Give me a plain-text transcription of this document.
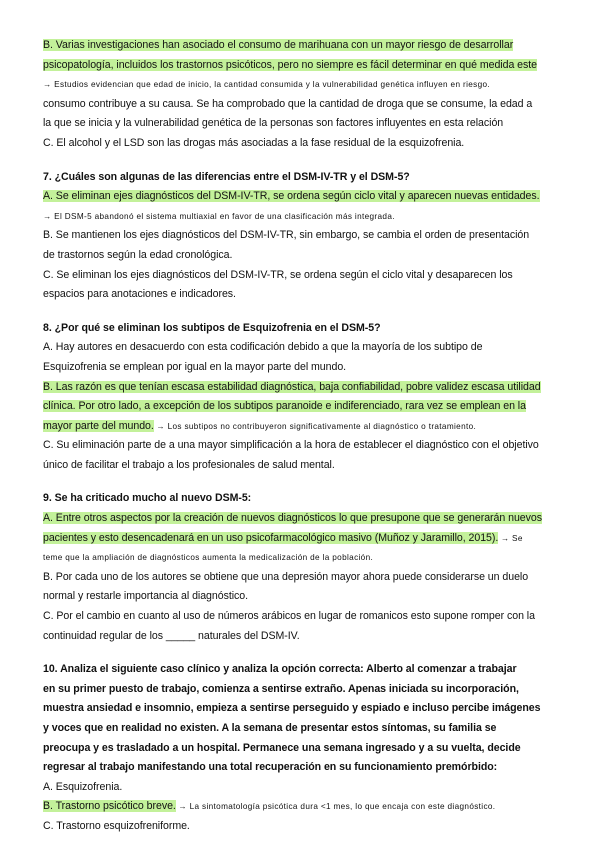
B. Varias investigaciones han asociado el consumo de marihuana con un mayor riesgo de desarrollar
psicopatología, incluidos los trastornos psicóticos, pero no siempre es fácil determinar en qué medida este
→ Estudios evidencian que edad de inicio, la cantidad consumida y la vulnerabilidad genética influyen en riesgo.
consumo contribuye a su causa. Se ha comprobado que la cantidad de droga que se consume, la edad a
la que se inicia y la vulnerabilidad genética de la personas son factores influyentes en esta relación
C. El alcohol y el LSD son las drogas más asociadas a la fase residual de la esquizofrenia.
7. ¿Cuáles son algunas de las diferencias entre el DSM-IV-TR y el DSM-5?
A. Se eliminan ejes diagnósticos del DSM-IV-TR, se ordena según ciclo vital y aparecen nuevas entidades.
→ El DSM-5 abandonó el sistema multiaxial en favor de una clasificación más integrada.
B. Se mantienen los ejes diagnósticos del DSM-IV-TR, sin embargo, se cambia el orden de presentación
de trastornos según la edad cronológica.
C. Se eliminan los ejes diagnósticos del DSM-IV-TR, se ordena según el ciclo vital y desaparecen los
espacios para anotaciones e indicadores.
8. ¿Por qué se eliminan los subtipos de Esquizofrenia en el DSM-5?
A. Hay autores en desacuerdo con esta codificación debido a que la mayoría de los subtipo de
Esquizofrenia se emplean por igual en la mayor parte del mundo.
B. Las razón es que tenían escasa estabilidad diagnóstica, baja confiabilidad, pobre validez escasa utilidad
clínica. Por otro lado, a excepción de los subtipos paranoide e indiferenciado, rara vez se emplean en la
mayor parte del mundo. → Los subtipos no contribuyeron significativamente al diagnóstico o tratamiento.
C. Su eliminación parte de a una mayor simplificación a la hora de establecer el diagnóstico con el objetivo
único de facilitar el trabajo a los profesionales de salud mental.
9. Se ha criticado mucho al nuevo DSM-5:
A. Entre otros aspectos por la creación de nuevos diagnósticos lo que presupone que se generarán nuevos
pacientes y esto desencadenará en un uso psicofarmacológico masivo (Muñoz y Jaramillo, 2015). → Se
teme que la ampliación de diagnósticos aumenta la medicalización de la población.
B. Por cada uno de los autores se obtiene que una depresión mayor ahora puede considerarse un duelo
normal y restarle importancia al diagnóstico.
C. Por el cambio en cuanto al uso de números arábicos en lugar de romanicos esto supone romper con la
continuidad regular de los _____ naturales del DSM-IV.
10. Analiza el siguiente caso clínico y analiza la opción correcta: Alberto al comenzar a trabajar
en su primer puesto de trabajo, comienza a sentirse extraño. Apenas iniciada su incorporación,
muestra ansiedad e insomnio, empieza a sentirse perseguido y espiado e incluso percibe imágenes
y voces que en realidad no existen. A la semana de presentar estos síntomas, su familia se
preocupa y es trasladado a un hospital. Permanece una semana ingresado y a su vuelta, decide
regresar al trabajo manifestando una total recuperación en su funcionamiento premórbido:
A. Esquizofrenia.
B. Trastorno psicótico breve. → La sintomatología psicótica dura <1 mes, lo que encaja con este diagnóstico.
C. Trastorno esquizofreniforme.
